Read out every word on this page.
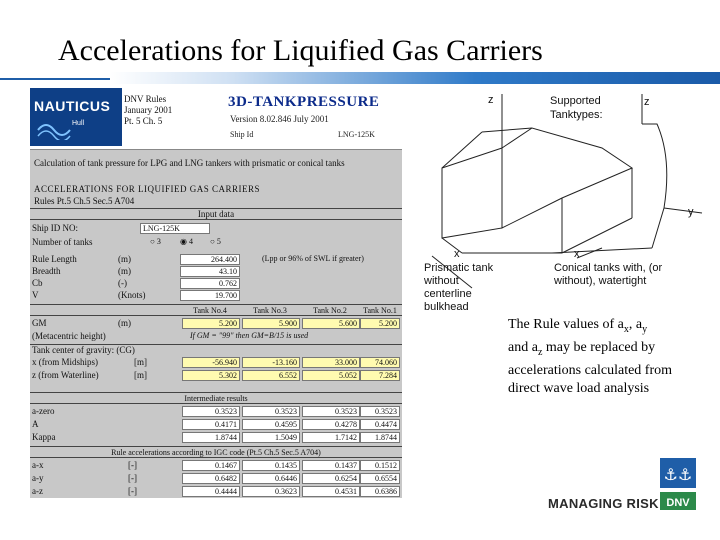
Accelerations for Liquified Gas Carriers
NAUTICUS
Hull
DNV Rules
January 2001
Pt. 5 Ch. 5
3D-TANKPRESSURE
Version 8.02.846 July 2001
Ship Id	LNG-125K
Calculation of tank pressure for LPG and LNG tankers with prismatic or conical tanks
ACCELERATIONS FOR LIQUIFIED GAS CARRIERS
Rules Pt.5 Ch.5 Sec.5 A704
Input data
Ship ID NO:	LNG-125K
Number of tanks	○ 3 ◉ 4 ○ 5
Rule Length	(m)	264.400	(Lpp or 96% of SWL if greater)
Breadth	(m)	43.10
Cb	(-)	0.762
V	(Knots)	19.700
Tank No.4	Tank No.3	Tank No.2	Tank No.1
GM	(m)	5.200	5.900	5.600	5.200
(Metacentric height)	If GM = "99" then GM=B/15 is used
Tank center of gravity: (CG)
x (from Midships)	[m]	-56.940	-13.160	33.000	74.060
z (from Waterline)	[m]	5.302	6.552	5.052	7.284
Intermediate results
a-zero	0.3523	0.3523	0.3523	0.3523
A	0.4171	0.4595	0.4278	0.4474
Kappa	1.8744	1.5049	1.7142	1.8744
Rule accelerations according to IGC code (Pt.5 Ch.5 Sec.5 A704)
a-x	[-]	0.1467	0.1435	0.1437	0.1512
a-y	[-]	0.6482	0.6446	0.6254	0.6554
a-z	[-]	0.4444	0.3623	0.4531	0.6386
z	z
x	x
y
Supported Tanktypes:
Prismatic tank without centerline bulkhead
Conical tanks with, (or without), watertight
The Rule values of $a_x$, $a_y$
and $a_z$ may be replaced by accelerations calculated from direct wave load analysis
MANAGING RISK
⚓⚓
DNV
